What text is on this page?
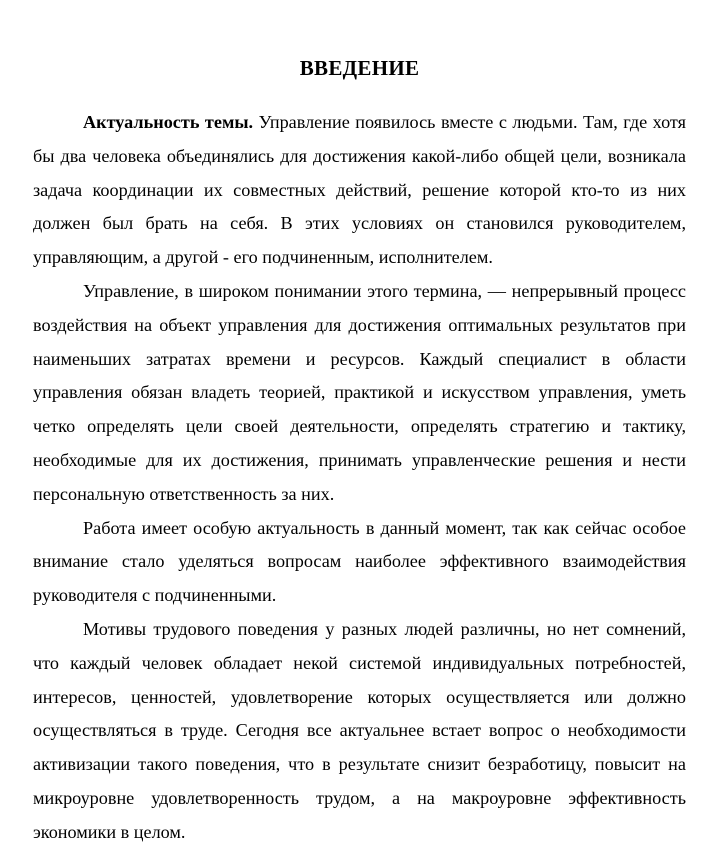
ВВЕДЕНИЕ

Актуальность темы. Управление появилось вместе с людьми. Там, где хотя бы два человека объединялись для достижения какой-либо общей цели, возникала задача координации их совместных действий, решение которой кто-то из них должен был брать на себя. В этих условиях он становился руководителем, управляющим, а другой - его подчиненным, исполнителем.

Управление, в широком понимании этого термина, — непрерывный процесс воздействия на объект управления для достижения оптимальных результатов при наименьших затратах времени и ресурсов. Каждый специалист в области управления обязан владеть теорией, практикой и искусством управления, уметь четко определять цели своей деятельности, определять стратегию и тактику, необходимые для их достижения, принимать управленческие решения и нести персональную ответственность за них.

Работа имеет особую актуальность в данный момент, так как сейчас особое внимание стало уделяться вопросам наиболее эффективного взаимодействия руководителя с подчиненными.

Мотивы трудового поведения у разных людей различны, но нет сомнений, что каждый человек обладает некой системой индивидуальных потребностей, интересов, ценностей, удовлетворение которых осуществляется или должно осуществляться в труде. Сегодня все актуальнее встает вопрос о необходимости активизации такого поведения, что в результате снизит безработицу, повысит на микроуровне удовлетворенность трудом, а на макроуровне эффективность экономики в целом.
